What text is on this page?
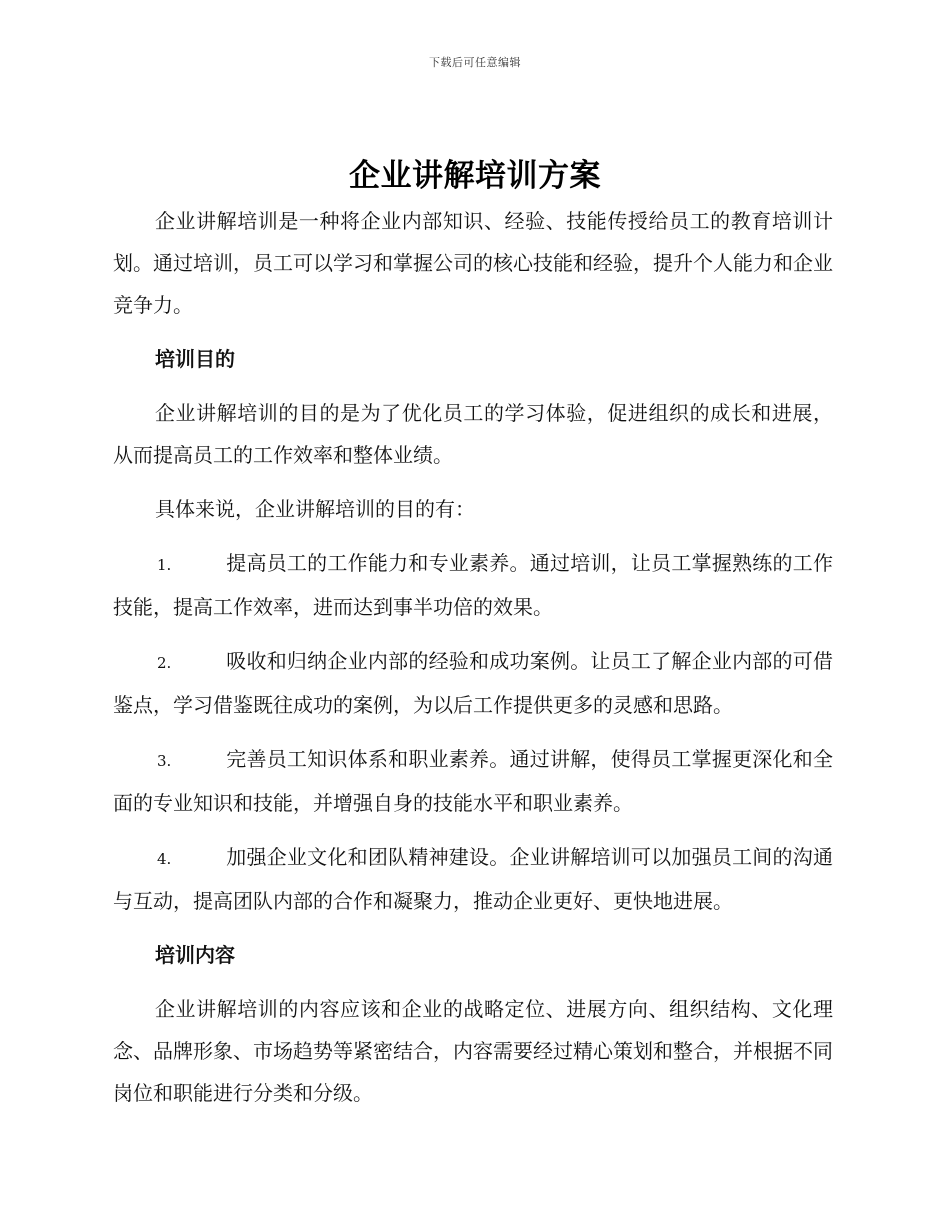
下载后可任意编辑
企业讲解培训方案

企业讲解培训是一种将企业内部知识、经验、技能传授给员工的教育培训计划。通过培训，员工可以学习和掌握公司的核心技能和经验，提升个人能力和企业竞争力。

培训目的

企业讲解培训的目的是为了优化员工的学习体验，促进组织的成长和进展，从而提高员工的工作效率和整体业绩。

具体来说，企业讲解培训的目的有：

1.	提高员工的工作能力和专业素养。通过培训，让员工掌握熟练的工作技能，提高工作效率，进而达到事半功倍的效果。

2.	吸收和归纳企业内部的经验和成功案例。让员工了解企业内部的可借鉴点，学习借鉴既往成功的案例，为以后工作提供更多的灵感和思路。

3.	完善员工知识体系和职业素养。通过讲解，使得员工掌握更深化和全面的专业知识和技能，并增强自身的技能水平和职业素养。

4.	加强企业文化和团队精神建设。企业讲解培训可以加强员工间的沟通与互动，提高团队内部的合作和凝聚力，推动企业更好、更快地进展。

培训内容

企业讲解培训的内容应该和企业的战略定位、进展方向、组织结构、文化理念、品牌形象、市场趋势等紧密结合，内容需要经过精心策划和整合，并根据不同岗位和职能进行分类和分级。
